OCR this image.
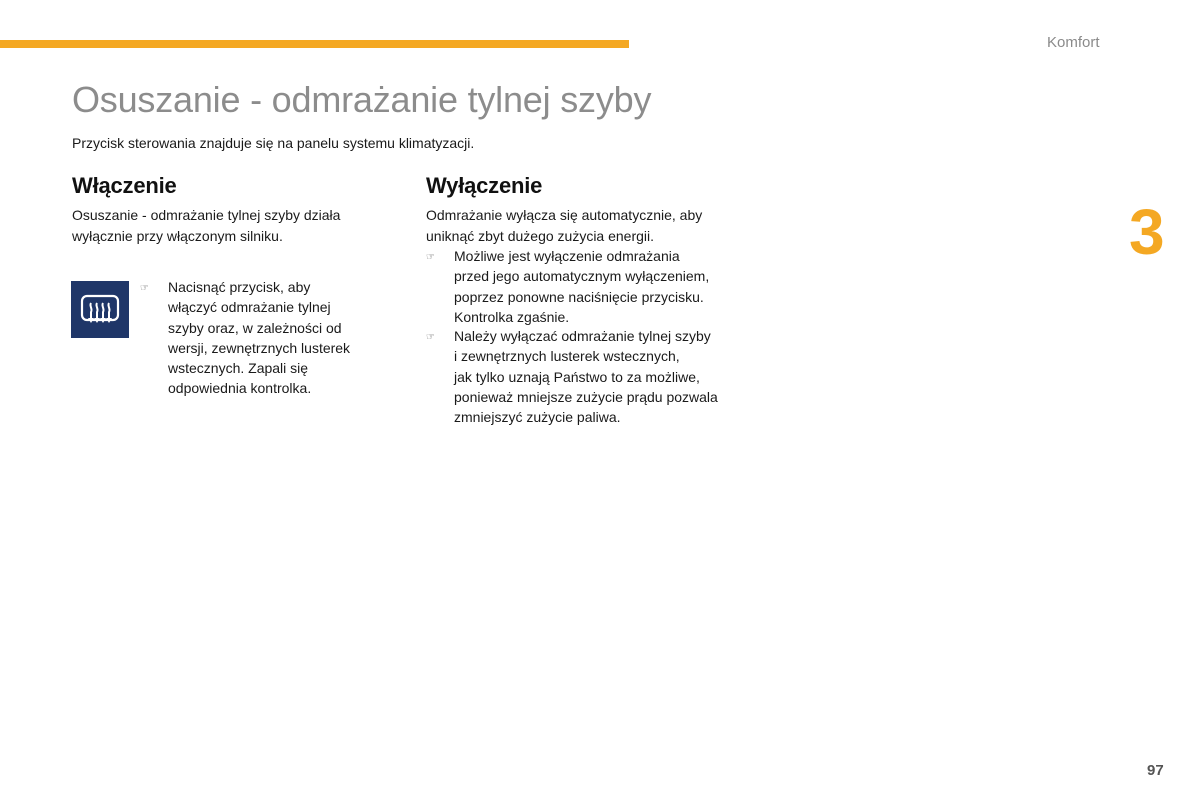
Komfort
Osuszanie - odmrażanie tylnej szyby
Przycisk sterowania znajduje się na panelu systemu klimatyzacji.
Włączenie
Osuszanie - odmrażanie tylnej szyby działa
wyłącznie przy włączonym silniku.
☞ Nacisnąć przycisk, aby
włączyć odmrażanie tylnej
szyby oraz, w zależności od
wersji, zewnętrznych lusterek
wstecznych. Zapali się
odpowiednia kontrolka.
Wyłączenie
Odmrażanie wyłącza się automatycznie, aby
uniknąć zbyt dużego zużycia energii.
☞ Możliwe jest wyłączenie odmrażania
przed jego automatycznym wyłączeniem,
poprzez ponowne naciśnięcie przycisku.
Kontrolka zgaśnie.
☞ Należy wyłączać odmrażanie tylnej szyby
i zewnętrznych lusterek wstecznych,
jak tylko uznają Państwo to za możliwe,
ponieważ mniejsze zużycie prądu pozwala
zmniejszyć zużycie paliwa.
3
97
